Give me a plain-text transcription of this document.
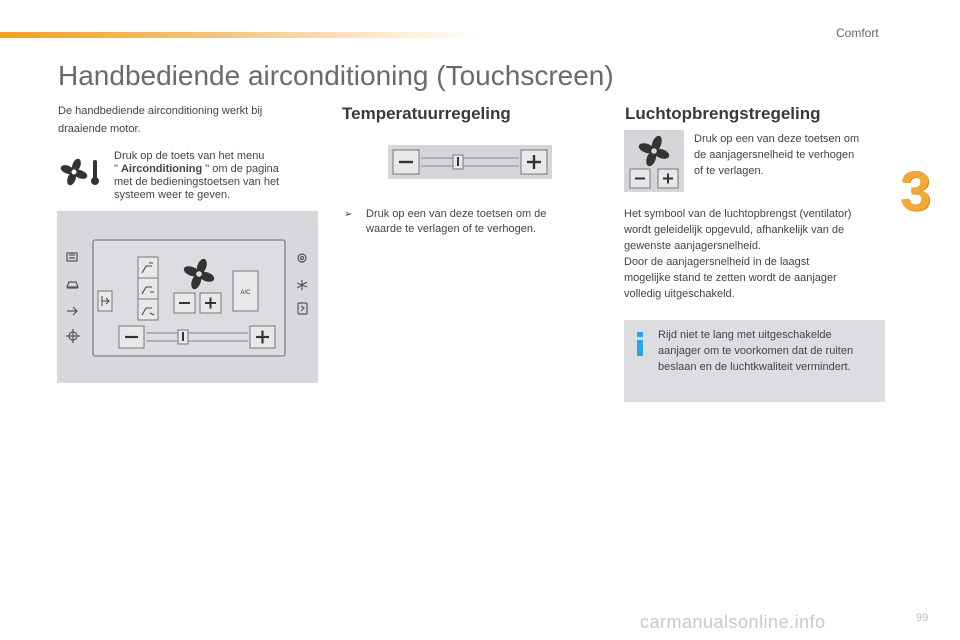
Comfort
3
Handbediende airconditioning (Touchscreen)
De handbediende airconditioning werkt bij
draaiende motor.
Druk op de toets van het menu
" Airconditioning " om de pagina
met de bedieningstoetsen van het
systeem weer te geven.
A/C
Temperatuurregeling
➢	Druk op een van deze toetsen om de
waarde te verlagen of te verhogen.
Luchtopbrengstregeling
Druk op een van deze toetsen om
de aanjagersnelheid te verhogen
of te verlagen.
Het symbool van de luchtopbrengst (ventilator)
wordt geleidelijk opgevuld, afhankelijk van de
gewenste aanjagersnelheid.
Door de aanjagersnelheid in de laagst
mogelijke stand te zetten wordt de aanjager
volledig uitgeschakeld.
Rijd niet te lang met uitgeschakelde
aanjager om te voorkomen dat de ruiten
beslaan en de luchtkwaliteit vermindert.
carmanualsonline.info	99
